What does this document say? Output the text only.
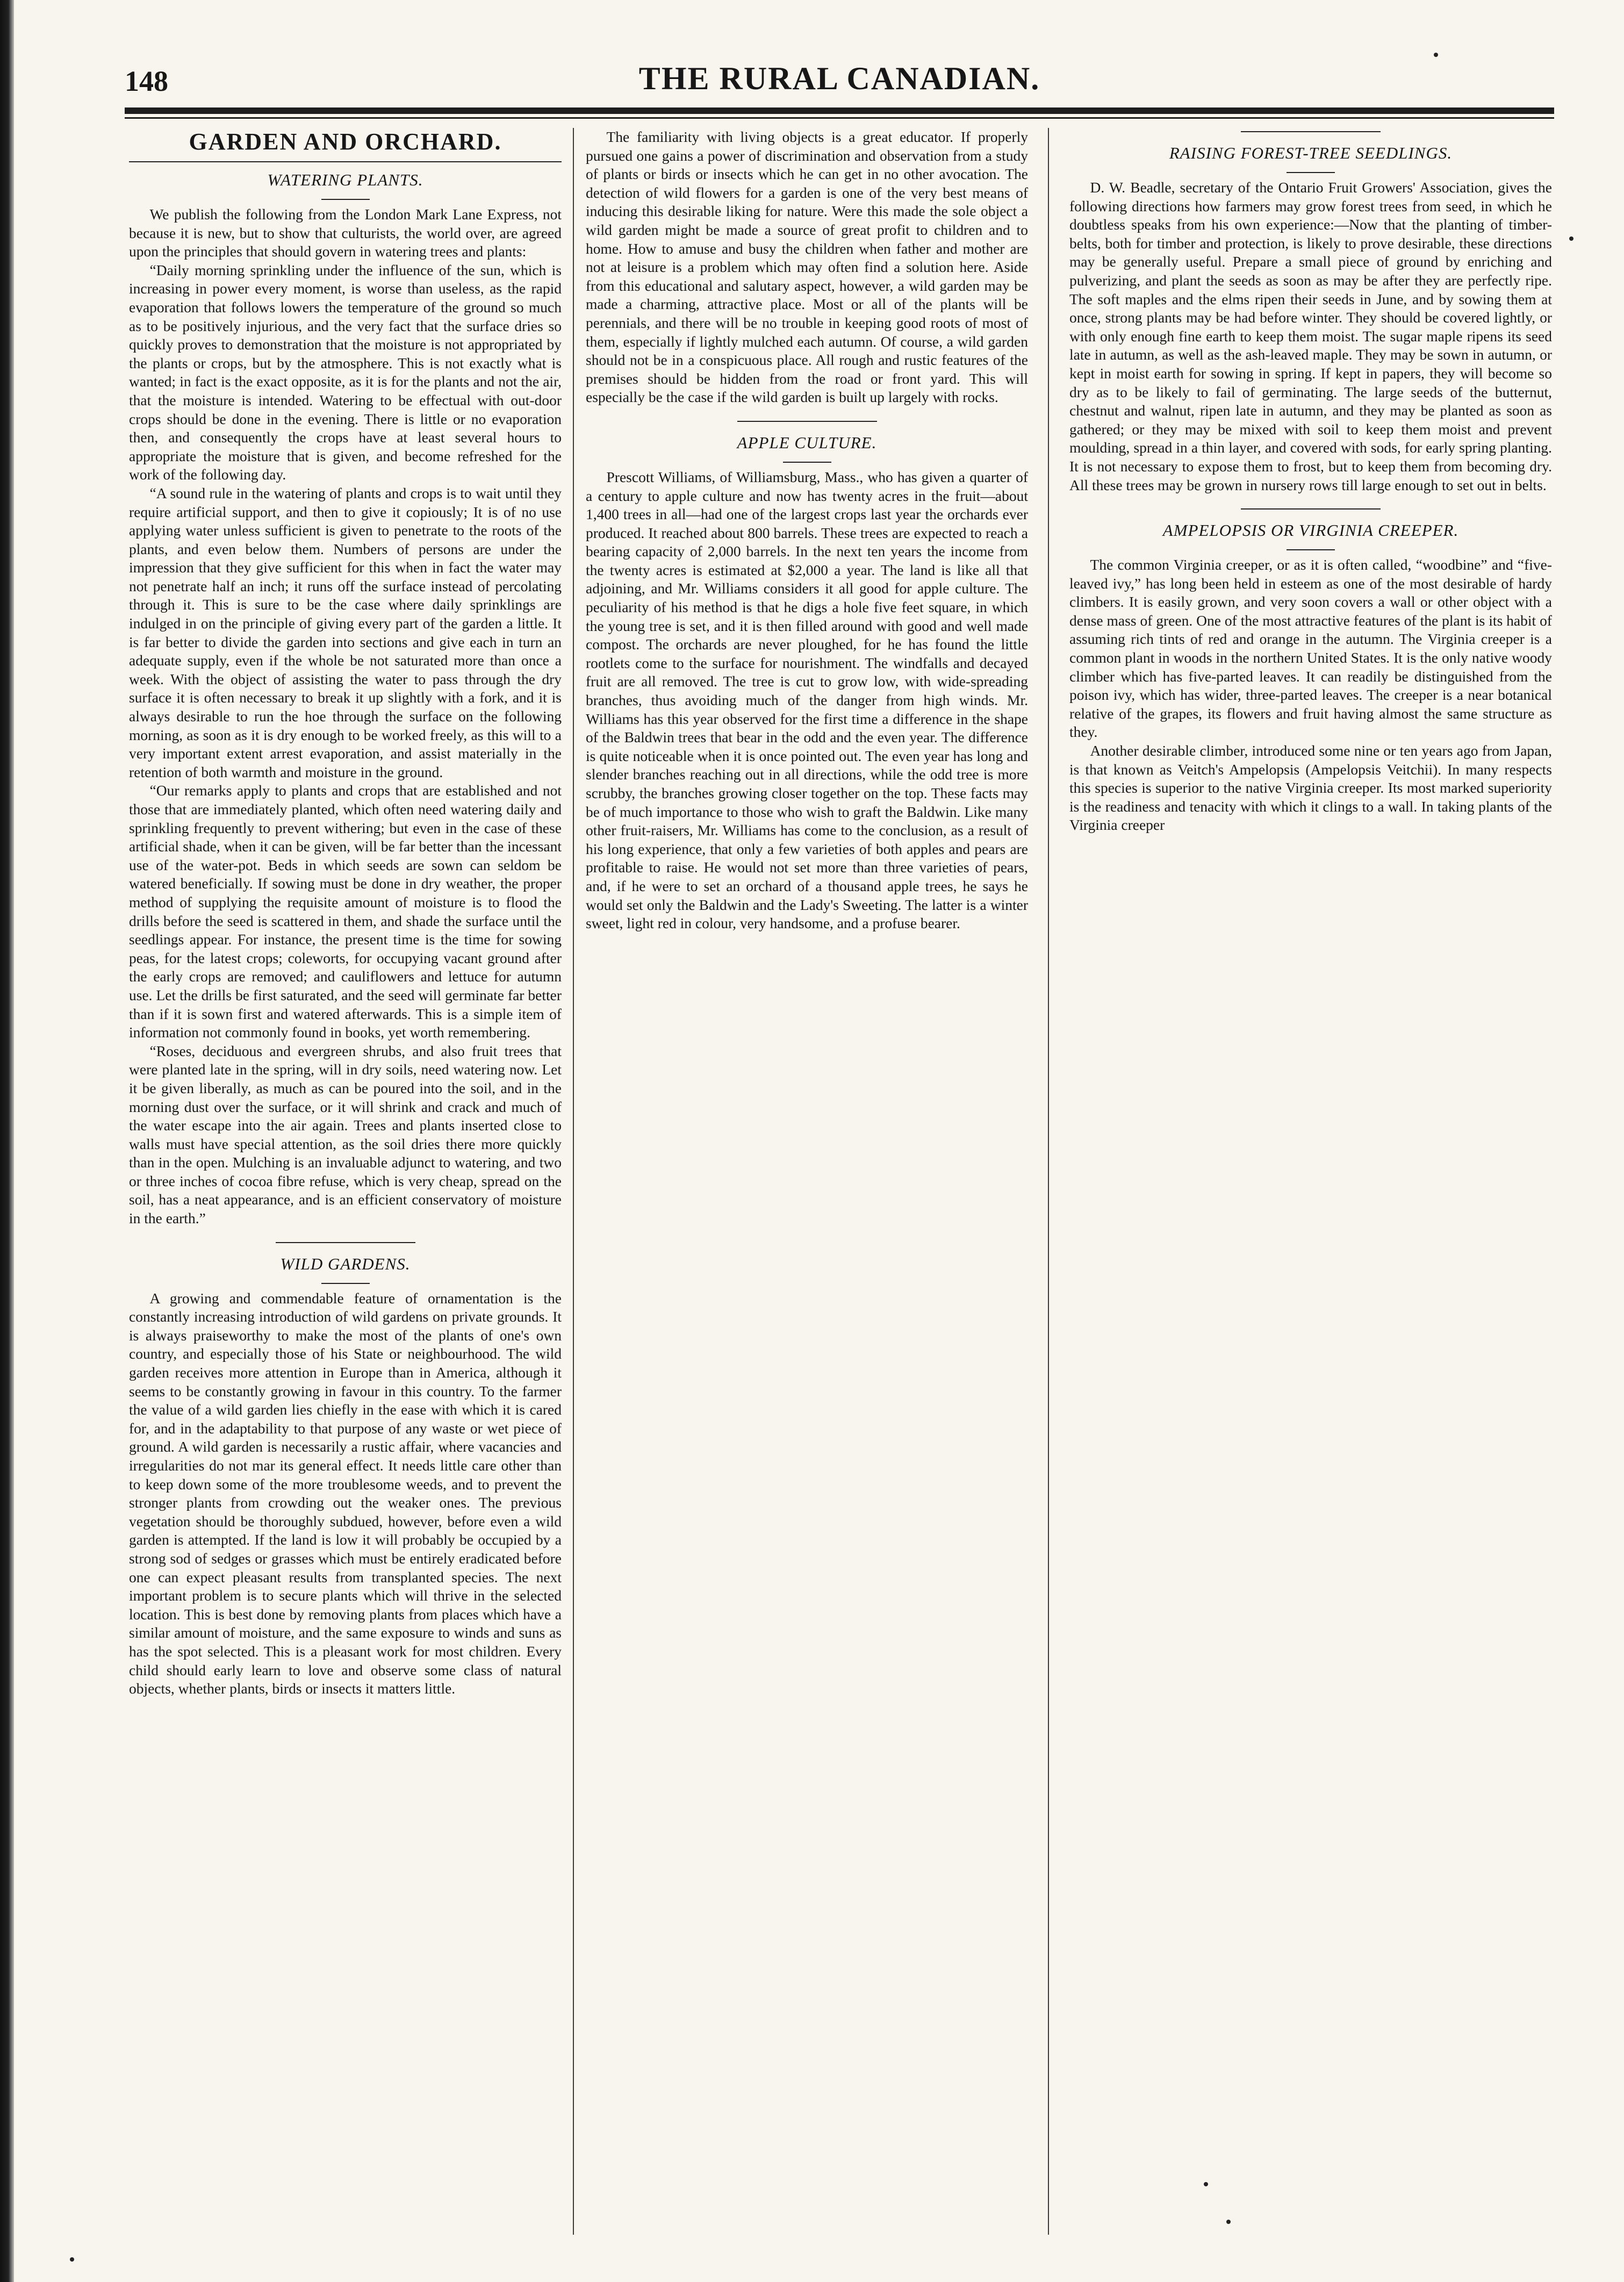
148	THE RURAL CANADIAN.
GARDEN AND ORCHARD.
WATERING PLANTS.

We publish the following from the London Mark Lane Express, not because it is new, but to show that culturists, the world over, are agreed upon the principles that should govern in watering trees and plants:

“Daily morning sprinkling under the influence of the sun, which is increasing in power every moment, is worse than useless, as the rapid evaporation that follows lowers the temperature of the ground so much as to be positively injurious, and the very fact that the surface dries so quickly proves to demonstration that the moisture is not appropriated by the plants or crops, but by the atmosphere. This is not exactly what is wanted; in fact is the exact opposite, as it is for the plants and not the air, that the moisture is intended. Watering to be effectual with out-door crops should be done in the evening. There is little or no evaporation then, and consequently the crops have at least several hours to appropriate the moisture that is given, and become refreshed for the work of the following day.

“A sound rule in the watering of plants and crops is to wait until they require artificial support, and then to give it copiously; It is of no use applying water unless sufficient is given to penetrate to the roots of the plants, and even below them. Numbers of persons are under the impression that they give sufficient for this when in fact the water may not penetrate half an inch; it runs off the surface instead of percolating through it. This is sure to be the case where daily sprinklings are indulged in on the principle of giving every part of the garden a little. It is far better to divide the garden into sections and give each in turn an adequate supply, even if the whole be not saturated more than once a week. With the object of assisting the water to pass through the dry surface it is often necessary to break it up slightly with a fork, and it is always desirable to run the hoe through the surface on the following morning, as soon as it is dry enough to be worked freely, as this will to a very important extent arrest evaporation, and assist materially in the retention of both warmth and moisture in the ground.

“Our remarks apply to plants and crops that are established and not those that are immediately planted, which often need watering daily and sprinkling frequently to prevent withering; but even in the case of these artificial shade, when it can be given, will be far better than the incessant use of the water-pot. Beds in which seeds are sown can seldom be watered beneficially. If sowing must be done in dry weather, the proper method of supplying the requisite amount of moisture is to flood the drills before the seed is scattered in them, and shade the surface until the seedlings appear. For instance, the present time is the time for sowing peas, for the latest crops; coleworts, for occupying vacant ground after the early crops are removed; and cauliflowers and lettuce for autumn use. Let the drills be first saturated, and the seed will germinate far better than if it is sown first and watered afterwards. This is a simple item of information not commonly found in books, yet worth remembering.

“Roses, deciduous and evergreen shrubs, and also fruit trees that were planted late in the spring, will in dry soils, need watering now. Let it be given liberally, as much as can be poured into the soil, and in the morning dust over the surface, or it will shrink and crack and much of the water escape into the air again. Trees and plants inserted close to walls must have special attention, as the soil dries there more quickly than in the open. Mulching is an invaluable adjunct to watering, and two or three inches of cocoa fibre refuse, which is very cheap, spread on the soil, has a neat appearance, and is an efficient conservatory of moisture in the earth.”

WILD GARDENS.

A growing and commendable feature of ornamentation is the constantly increasing introduction of wild gardens on private grounds. It is always praiseworthy to make the most of the plants of one's own country, and especially those of his State or neighbourhood. The wild garden receives more attention in Europe than in America, although it seems to be constantly growing in favour in this country. To the farmer the value of a wild garden lies chiefly in the ease with which it is cared for, and in the adaptability to that purpose of any waste or wet piece of ground. A wild garden is necessarily a rustic affair, where vacancies and irregularities do not mar its general effect. It needs little care other than to keep down some of the more troublesome weeds, and to prevent the stronger plants from crowding out the weaker ones. The previous vegetation should be thoroughly subdued, however, before even a wild garden is attempted. If the land is low it will probably be occupied by a strong sod of sedges or grasses which must be entirely eradicated before one can expect pleasant results from transplanted species. The next important problem is to secure plants which will thrive in the selected location. This is best done by removing plants from places which have a similar amount of moisture, and the same exposure to winds and suns as has the spot selected. This is a pleasant work for most children. Every child should early learn to love and observe some class of natural objects, whether plants, birds or insects it matters little.

The familiarity with living objects is a great educator. If properly pursued one gains a power of discrimination and observation from a study of plants or birds or insects which he can get in no other avocation. The detection of wild flowers for a garden is one of the very best means of inducing this desirable liking for nature. Were this made the sole object a wild garden might be made a source of great profit to children and to home. How to amuse and busy the children when father and mother are not at leisure is a problem which may often find a solution here. Aside from this educational and salutary aspect, however, a wild garden may be made a charming, attractive place. Most or all of the plants will be perennials, and there will be no trouble in keeping good roots of most of them, especially if lightly mulched each autumn. Of course, a wild garden should not be in a conspicuous place. All rough and rustic features of the premises should be hidden from the road or front yard. This will especially be the case if the wild garden is built up largely with rocks.

APPLE CULTURE.

Prescott Williams, of Williamsburg, Mass., who has given a quarter of a century to apple culture and now has twenty acres in the fruit—about 1,400 trees in all—had one of the largest crops last year the orchards ever produced. It reached about 800 barrels. These trees are expected to reach a bearing capacity of 2,000 barrels. In the next ten years the income from the twenty acres is estimated at $2,000 a year. The land is like all that adjoining, and Mr. Williams considers it all good for apple culture. The peculiarity of his method is that he digs a hole five feet square, in which the young tree is set, and it is then filled around with good and well made compost. The orchards are never ploughed, for he has found the little rootlets come to the surface for nourishment. The windfalls and decayed fruit are all removed. The tree is cut to grow low, with wide-spreading branches, thus avoiding much of the danger from high winds. Mr. Williams has this year observed for the first time a difference in the shape of the Baldwin trees that bear in the odd and the even year. The difference is quite noticeable when it is once pointed out. The even year has long and slender branches reaching out in all directions, while the odd tree is more scrubby, the branches growing closer together on the top. These facts may be of much importance to those who wish to graft the Baldwin. Like many other fruit-raisers, Mr. Williams has come to the conclusion, as a result of his long experience, that only a few varieties of both apples and pears are profitable to raise. He would not set more than three varieties of pears, and, if he were to set an orchard of a thousand apple trees, he says he would set only the Baldwin and the Lady's Sweeting. The latter is a winter sweet, light red in colour, very handsome, and a profuse bearer.

RAISING FOREST-TREE SEEDLINGS.

D. W. Beadle, secretary of the Ontario Fruit Growers' Association, gives the following directions how farmers may grow forest trees from seed, in which he doubtless speaks from his own experience:—Now that the planting of timber-belts, both for timber and protection, is likely to prove desirable, these directions may be generally useful. Prepare a small piece of ground by enriching and pulverizing, and plant the seeds as soon as may be after they are perfectly ripe. The soft maples and the elms ripen their seeds in June, and by sowing them at once, strong plants may be had before winter. They should be covered lightly, or with only enough fine earth to keep them moist. The sugar maple ripens its seed late in autumn, as well as the ash-leaved maple. They may be sown in autumn, or kept in moist earth for sowing in spring. If kept in papers, they will become so dry as to be likely to fail of germinating. The large seeds of the butternut, chestnut and walnut, ripen late in autumn, and they may be planted as soon as gathered; or they may be mixed with soil to keep them moist and prevent moulding, spread in a thin layer, and covered with sods, for early spring planting. It is not necessary to expose them to frost, but to keep them from becoming dry. All these trees may be grown in nursery rows till large enough to set out in belts.

AMPELOPSIS OR VIRGINIA CREEPER.

The common Virginia creeper, or as it is often called, “woodbine” and “five-leaved ivy,” has long been held in esteem as one of the most desirable of hardy climbers. It is easily grown, and very soon covers a wall or other object with a dense mass of green. One of the most attractive features of the plant is its habit of assuming rich tints of red and orange in the autumn. The Virginia creeper is a common plant in woods in the northern United States. It is the only native woody climber which has five-parted leaves. It can readily be distinguished from the poison ivy, which has wider, three-parted leaves. The creeper is a near botanical relative of the grapes, its flowers and fruit having almost the same structure as they.

Another desirable climber, introduced some nine or ten years ago from Japan, is that known as Veitch's Ampelopsis (Ampelopsis Veitchii). In many respects this species is superior to the native Virginia creeper. Its most marked superiority is the readiness and tenacity with which it clings to a wall. In taking plants of the Virginia creeper
